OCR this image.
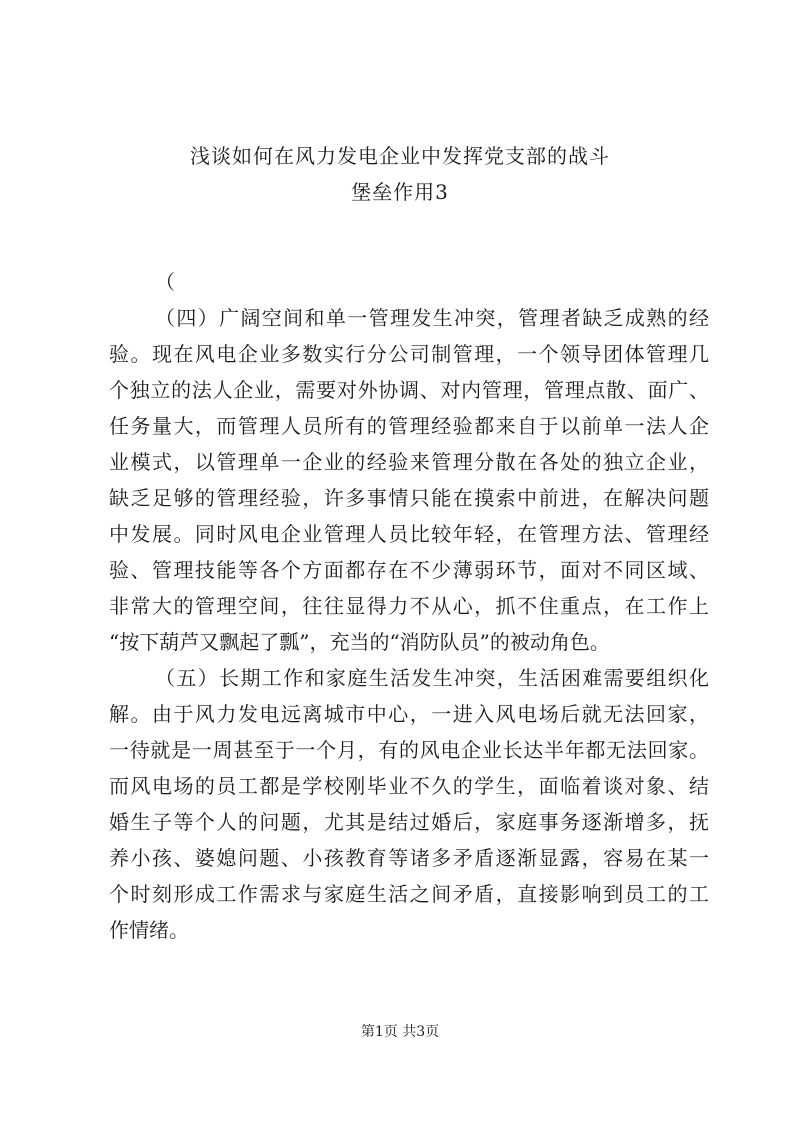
浅谈如何在风力发电企业中发挥党支部的战斗
堡垒作用3
（
（四）广阔空间和单一管理发生冲突，管理者缺乏成熟的经
验。现在风电企业多数实行分公司制管理，一个领导团体管理几
个独立的法人企业，需要对外协调、对内管理，管理点散、面广、
任务量大，而管理人员所有的管理经验都来自于以前单一法人企
业模式，以管理单一企业的经验来管理分散在各处的独立企业，
缺乏足够的管理经验，许多事情只能在摸索中前进，在解决问题
中发展。同时风电企业管理人员比较年轻，在管理方法、管理经
验、管理技能等各个方面都存在不少薄弱环节，面对不同区域、
非常大的管理空间，往往显得力不从心，抓不住重点，在工作上
“按下葫芦又飘起了瓢”，充当的“消防队员”的被动角色。
（五）长期工作和家庭生活发生冲突，生活困难需要组织化
解。由于风力发电远离城市中心，一进入风电场后就无法回家，
一待就是一周甚至于一个月，有的风电企业长达半年都无法回家。
而风电场的员工都是学校刚毕业不久的学生，面临着谈对象、结
婚生子等个人的问题，尤其是结过婚后，家庭事务逐渐增多，抚
养小孩、婆媳问题、小孩教育等诸多矛盾逐渐显露，容易在某一
个时刻形成工作需求与家庭生活之间矛盾，直接影响到员工的工
作情绪。
第1页 共3页
